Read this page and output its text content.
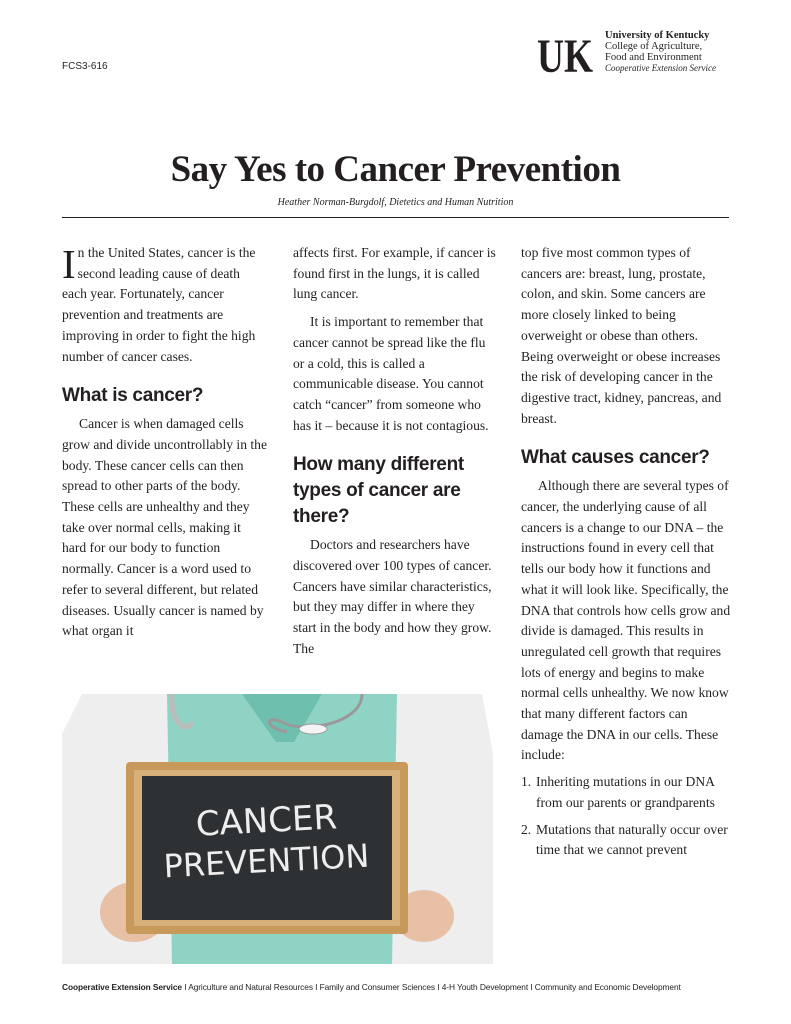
FCS3-616	UK University of Kentucky
College of Agriculture,
Food and Environment
Cooperative Extension Service
Say Yes to Cancer Prevention
Heather Norman-Burgdolf, Dietetics and Human Nutrition

In the United States, cancer is the second leading cause of death each year. Fortunately, cancer prevention and treatments are improving in order to fight the high number of cancer cases.

What is cancer?

Cancer is when damaged cells grow and divide uncontrollably in the body. These cancer cells can then spread to other parts of the body. These cells are unhealthy and they take over normal cells, making it hard for our body to function normally. Cancer is a word used to refer to several different, but related diseases. Usually cancer is named by what organ it

affects first. For example, if cancer is found first in the lungs, it is called lung cancer.

It is important to remember that cancer cannot be spread like the flu or a cold, this is called a communicable disease. You cannot catch “cancer” from someone who has it – because it is not contagious.

How many different types of cancer are there?

Doctors and researchers have discovered over 100 types of cancer. Cancers have similar characteristics, but they may differ in where they start in the body and how they grow. The

top five most common types of cancers are: breast, lung, prostate, colon, and skin. Some cancers are more closely linked to being overweight or obese than others. Being overweight or obese increases the risk of developing cancer in the digestive tract, kidney, pancreas, and breast.

What causes cancer?

Although there are several types of cancer, the underlying cause of all cancers is a change to our DNA – the instructions found in every cell that tells our body how it functions and what it will look like. Specifically, the DNA that controls how cells grow and divide is damaged. This results in unregulated cell growth that requires lots of energy and begins to make normal cells unhealthy. We now know that many different factors can damage the DNA in our cells. These include:

1. Inheriting mutations in our DNA from our parents or grandparents
2. Mutations that naturally occur over time that we cannot prevent
CANCER
PREVENTION
Cooperative Extension Service I Agriculture and Natural Resources I Family and Consumer Sciences I 4-H Youth Development I Community and Economic Development
